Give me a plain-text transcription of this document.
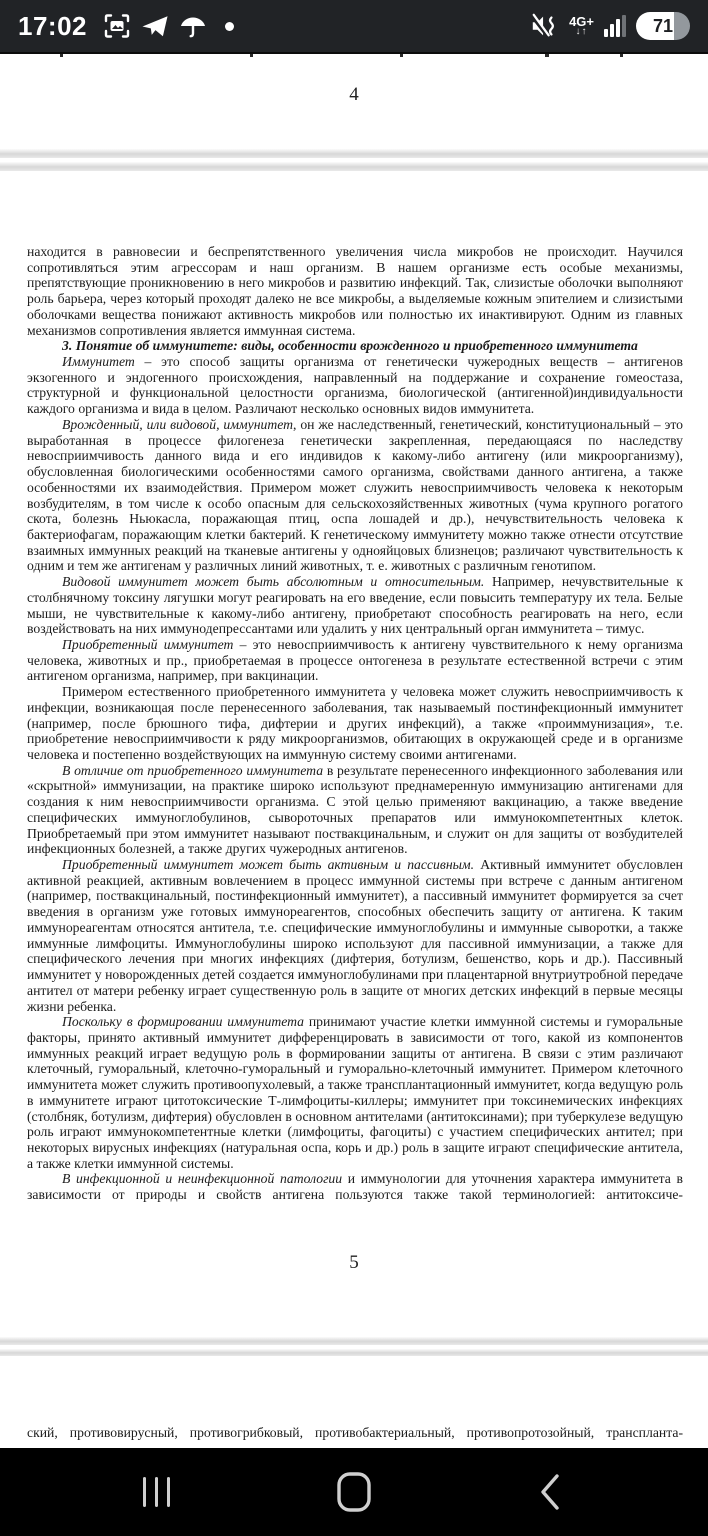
17:02	4G+
↓↑	71
4

находится в равновесии и беспрепятственного увеличения числа микробов не происходит. Научился сопротивляться этим агрессорам и наш организм. В нашем организме есть особые механизмы, препятствующие проникновению в него микробов и развитию инфекций. Так, слизистые оболочки выполняют роль барьера, через который проходят далеко не все микробы, а выделяемые кожным эпителием и слизистыми оболочками вещества понижают активность микробов или полностью их инактивируют. Одним из главных механизмов сопротивления является иммунная система.

3. Понятие об иммунитете: виды, особенности врожденного и приобретенного иммунитета

Иммунитет – это способ защиты организма от генетически чужеродных веществ – антигенов экзогенного и эндогенного происхождения, направленный на поддержание и сохранение гомеостаза, структурной и функциональной целостности организма, биологической (антигенной)индивидуальности каждого организма и вида в целом. Различают несколько основных видов иммунитета.

Врожденный, или видовой, иммунитет, он же наследственный, генетический, конституциональный – это выработанная в процессе филогенеза генетически закрепленная, передающаяся по наследству невосприимчивость данного вида и его индивидов к какому-либо антигену (или микроорганизму), обусловленная биологическими особенностями самого организма, свойствами данного антигена, а также особенностями их взаимодействия. Примером может служить невосприимчивость человека к некоторым возбудителям, в том числе к особо опасным для сельскохозяйственных животных (чума крупного рогатого скота, болезнь Ньюкасла, поражающая птиц, оспа лошадей и др.), нечувствительность человека к бактериофагам, поражающим клетки бактерий. К генетическому иммунитету можно также отнести отсутствие взаимных иммунных реакций на тканевые антигены у однояйцовых близнецов; различают чувствительность к одним и тем же антигенам у различных линий животных, т. е. животных с различным генотипом.

Видовой иммунитет может быть абсолютным и относительным. Например, нечувствительные к столбнячному токсину лягушки могут реагировать на его введение, если повысить температуру их тела. Белые мыши, не чувствительные к какому-либо антигену, приобретают способность реагировать на него, если воздействовать на них иммунодепрессантами или удалить у них центральный орган иммунитета – тимус.

Приобретенный иммунитет – это невосприимчивость к антигену чувствительного к нему организма человека, животных и пр., приобретаемая в процессе онтогенеза в результате естественной встречи с этим антигеном организма, например, при вакцинации.

Примером естественного приобретенного иммунитета у человека может служить невосприимчивость к инфекции, возникающая после перенесенного заболевания, так называемый постинфекционный иммунитет (например, после брюшного тифа, дифтерии и других инфекций), а также «проиммунизация», т.е. приобретение невосприимчивости к ряду микроорганизмов, обитающих в окружающей среде и в организме человека и постепенно воздействующих на иммунную систему своими антигенами.

В отличие от приобретенного иммунитета в результате перенесенного инфекционного заболевания или «скрытной» иммунизации, на практике широко используют преднамеренную иммунизацию антигенами для создания к ним невосприимчивости организма. С этой целью применяют вакцинацию, а также введение специфических иммуноглобулинов, сывороточных препаратов или иммунокомпетентных клеток. Приобретаемый при этом иммунитет называют поствакцинальным, и служит он для защиты от возбудителей инфекционных болезней, а также других чужеродных антигенов.

Приобретенный иммунитет может быть активным и пассивным. Активный иммунитет обусловлен активной реакцией, активным вовлечением в процесс иммунной системы при встрече с данным антигеном (например, поствакцинальный, постинфекционный иммунитет), а пассивный иммунитет формируется за счет введения в организм уже готовых иммунореагентов, способных обеспечить защиту от антигена. К таким иммунореагентам относятся антитела, т.е. специфические иммуноглобулины и иммунные сыворотки, а также иммунные лимфоциты. Иммуноглобулины широко используют для пассивной иммунизации, а также для специфического лечения при многих инфекциях (дифтерия, ботулизм, бешенство, корь и др.). Пассивный иммунитет у новорожденных детей создается иммуноглобулинами при плацентарной внутриутробной передаче антител от матери ребенку играет существенную роль в защите от многих детских инфекций в первые месяцы жизни ребенка.

Поскольку в формировании иммунитета принимают участие клетки иммунной системы и гуморальные факторы, принято активный иммунитет дифференцировать в зависимости от того, какой из компонентов иммунных реакций играет ведущую роль в формировании защиты от антигена. В связи с этим различают клеточный, гуморальный, клеточно-гуморальный и гуморально-клеточный иммунитет. Примером клеточного иммунитета может служить противоопухолевый, а также трансплантационный иммунитет, когда ведущую роль в иммунитете играют цитотоксические Т-лимфоциты-киллеры; иммунитет при токсинемических инфекциях (столбняк, ботулизм, дифтерия) обусловлен в основном антителами (антитоксинами); при туберкулезе ведущую роль играют иммунокомпетентные клетки (лимфоциты, фагоциты) с участием специфических антител; при некоторых вирусных инфекциях (натуральная оспа, корь и др.) роль в защите играют специфические антитела, а также клетки иммунной системы.

В инфекционной и неинфекционной патологии и иммунологии для уточнения характера иммунитета в зависимости от природы и свойств антигена пользуются также такой терминологией: антитоксиче-

5
ский, противовирусный, противогрибковый, противобактериальный, противопротозойный, транспланта-
